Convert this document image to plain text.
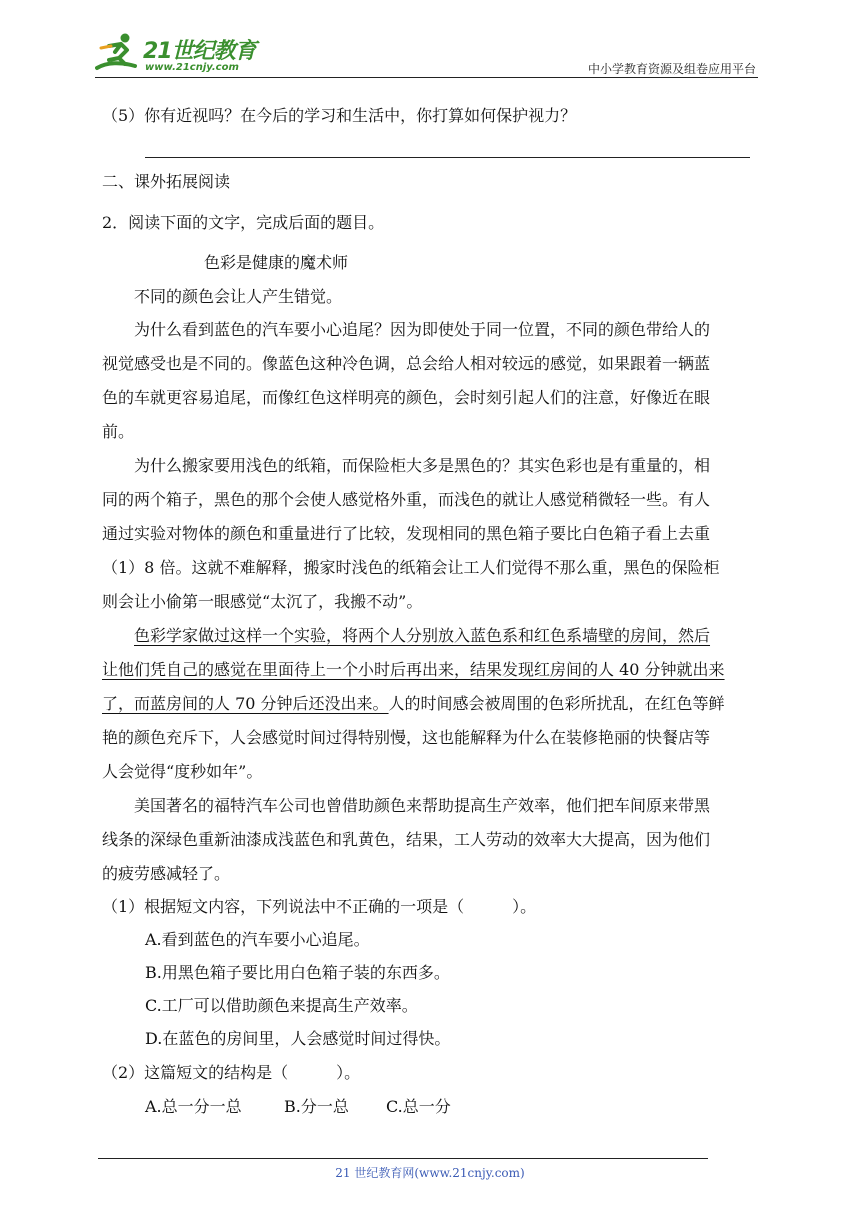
21世纪教育
www.21cnjy.com	中小学教育资源及组卷应用平台
（5）你有近视吗？在今后的学习和生活中，你打算如何保护视力？
二、课外拓展阅读
2．阅读下面的文字，完成后面的题目。
色彩是健康的魔术师
不同的颜色会让人产生错觉。
为什么看到蓝色的汽车要小心追尾？因为即使处于同一位置，不同的颜色带给人的
视觉感受也是不同的。像蓝色这种冷色调，总会给人相对较远的感觉，如果跟着一辆蓝
色的车就更容易追尾，而像红色这样明亮的颜色，会时刻引起人们的注意，好像近在眼
前。
为什么搬家要用浅色的纸箱，而保险柜大多是黑色的？其实色彩也是有重量的，相
同的两个箱子，黑色的那个会使人感觉格外重，而浅色的就让人感觉稍微轻一些。有人
通过实验对物体的颜色和重量进行了比较，发现相同的黑色箱子要比白色箱子看上去重
（1）8 倍。这就不难解释，搬家时浅色的纸箱会让工人们觉得不那么重，黑色的保险柜
则会让小偷第一眼感觉“太沉了，我搬不动”。
色彩学家做过这样一个实验，将两个人分别放入蓝色系和红色系墙壁的房间，然后
让他们凭自己的感觉在里面待上一个小时后再出来，结果发现红房间的人 40 分钟就出来
了，而蓝房间的人 70 分钟后还没出来。人的时间感会被周围的色彩所扰乱，在红色等鲜
艳的颜色充斥下，人会感觉时间过得特别慢，这也能解释为什么在装修艳丽的快餐店等
人会觉得“度秒如年”。
美国著名的福特汽车公司也曾借助颜色来帮助提高生产效率，他们把车间原来带黑
线条的深绿色重新油漆成浅蓝色和乳黄色，结果，工人劳动的效率大大提高，因为他们
的疲劳感减轻了。
（1）根据短文内容，下列说法中不正确的一项是（　　　）。
A.看到蓝色的汽车要小心追尾。
B.用黑色箱子要比用白色箱子装的东西多。
C.工厂可以借助颜色来提高生产效率。
D.在蓝色的房间里，人会感觉时间过得快。
（2）这篇短文的结构是（　　　）。
A.总一分一总	B.分一总 C.总一分
21 世纪教育网(www.21cnjy.com)
